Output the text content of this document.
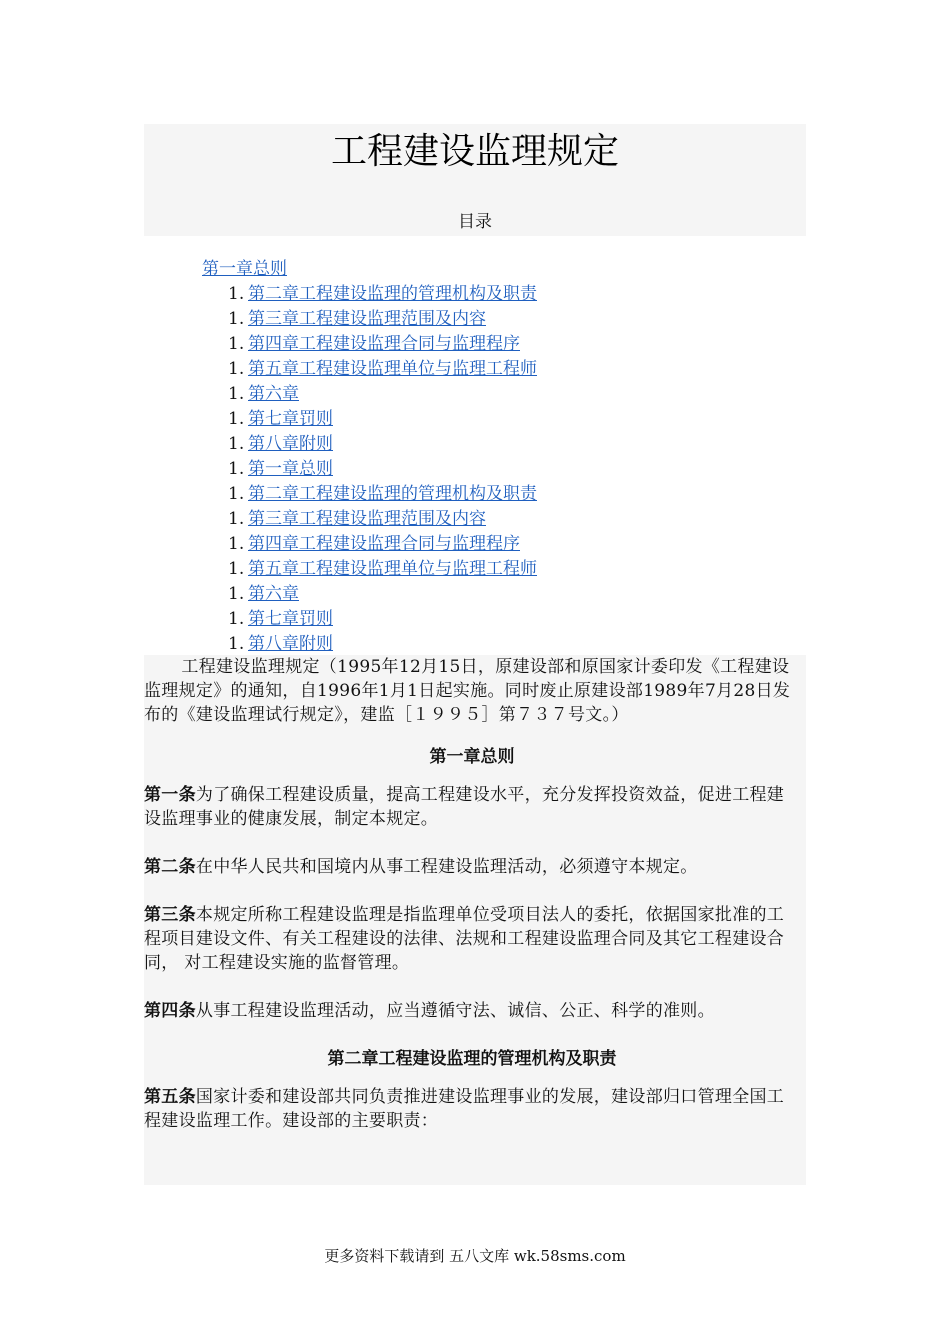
工程建设监理规定
目录
第一章总则
1. 第二章工程建设监理的管理机构及职责
1. 第三章工程建设监理范围及内容
1. 第四章工程建设监理合同与监理程序
1. 第五章工程建设监理单位与监理工程师
1. 第六章
1. 第七章罚则
1. 第八章附则
1. 第一章总则
1. 第二章工程建设监理的管理机构及职责
1. 第三章工程建设监理范围及内容
1. 第四章工程建设监理合同与监理程序
1. 第五章工程建设监理单位与监理工程师
1. 第六章
1. 第七章罚则
1. 第八章附则

工程建设监理规定（1995年12月15日，原建设部和原国家计委印发《工程建设监理规定》的通知，自1996年1月1日起实施。同时废止原建设部1989年7月28日发布的《建设监理试行规定》，建监［１９９５］第７３７号文。）

第一章总则

第一条为了确保工程建设质量，提高工程建设水平，充分发挥投资效益，促进工程建设监理事业的健康发展，制定本规定。

第二条在中华人民共和国境内从事工程建设监理活动，必须遵守本规定。

第三条本规定所称工程建设监理是指监理单位受项目法人的委托，依据国家批准的工程项目建设文件、有关工程建设的法律、法规和工程建设监理合同及其它工程建设合同， 对工程建设实施的监督管理。

第四条从事工程建设监理活动，应当遵循守法、诚信、公正、科学的准则。

第二章工程建设监理的管理机构及职责

第五条国家计委和建设部共同负责推进建设监理事业的发展，建设部归口管理全国工程建设监理工作。建设部的主要职责：

更多资料下载请到 五八文库 wk.58sms.com
